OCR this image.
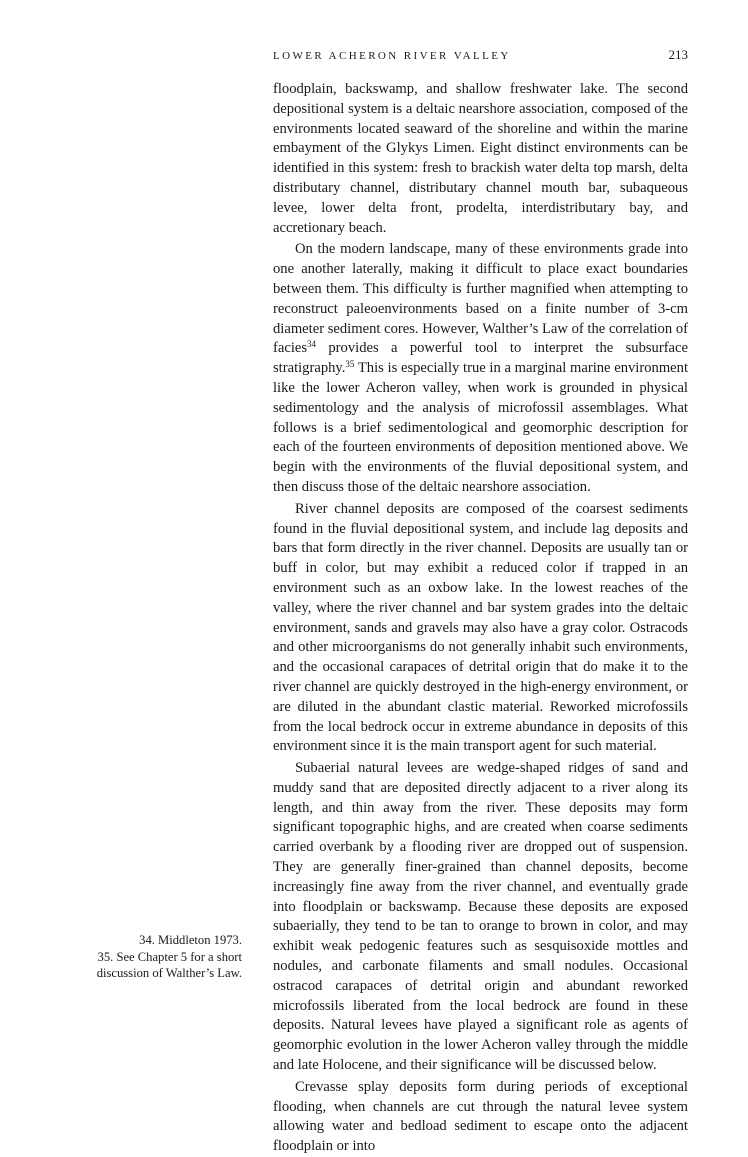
LOWER ACHERON RIVER VALLEY	213

floodplain, backswamp, and shallow freshwater lake. The second depositional system is a deltaic nearshore association, composed of the environments located seaward of the shoreline and within the marine embayment of the Glykys Limen. Eight distinct environments can be identified in this system: fresh to brackish water delta top marsh, delta distributary channel, distributary channel mouth bar, subaqueous levee, lower delta front, prodelta, interdistributary bay, and accretionary beach.

On the modern landscape, many of these environments grade into one another laterally, making it difficult to place exact boundaries between them. This difficulty is further magnified when attempting to reconstruct paleoenvironments based on a finite number of 3-cm diameter sediment cores. However, Walther’s Law of the correlation of facies$^{34}$ provides a powerful tool to interpret the subsurface stratigraphy.$^{35}$ This is especially true in a marginal marine environment like the lower Acheron valley, when work is grounded in physical sedimentology and the analysis of microfossil assemblages. What follows is a brief sedimentological and geomorphic description for each of the fourteen environments of deposition mentioned above. We begin with the environments of the fluvial depositional system, and then discuss those of the deltaic nearshore association.

River channel deposits are composed of the coarsest sediments found in the fluvial depositional system, and include lag deposits and bars that form directly in the river channel. Deposits are usually tan or buff in color, but may exhibit a reduced color if trapped in an environment such as an oxbow lake. In the lowest reaches of the valley, where the river channel and bar system grades into the deltaic environment, sands and gravels may also have a gray color. Ostracods and other microorganisms do not generally inhabit such environments, and the occasional carapaces of detrital origin that do make it to the river channel are quickly destroyed in the high-energy environment, or are diluted in the abundant clastic material. Reworked microfossils from the local bedrock occur in extreme abundance in deposits of this environment since it is the main transport agent for such material.

Subaerial natural levees are wedge-shaped ridges of sand and muddy sand that are deposited directly adjacent to a river along its length, and thin away from the river. These deposits may form significant topographic highs, and are created when coarse sediments carried overbank by a flooding river are dropped out of suspension. They are generally finer-grained than channel deposits, become increasingly fine away from the river channel, and eventually grade into floodplain or backswamp. Because these deposits are exposed subaerially, they tend to be tan to orange to brown in color, and may exhibit weak pedogenic features such as sesquisoxide mottles and nodules, and carbonate filaments and small nodules. Occasional ostracod carapaces of detrital origin and abundant reworked microfossils liberated from the local bedrock are found in these deposits. Natural levees have played a significant role as agents of geomorphic evolution in the lower Acheron valley through the middle and late Holocene, and their significance will be discussed below.

Crevasse splay deposits form during periods of exceptional flooding, when channels are cut through the natural levee system allowing water and bedload sediment to escape onto the adjacent floodplain or into

34. Middleton 1973.
35. See Chapter 5 for a short
discussion of Walther’s Law.
